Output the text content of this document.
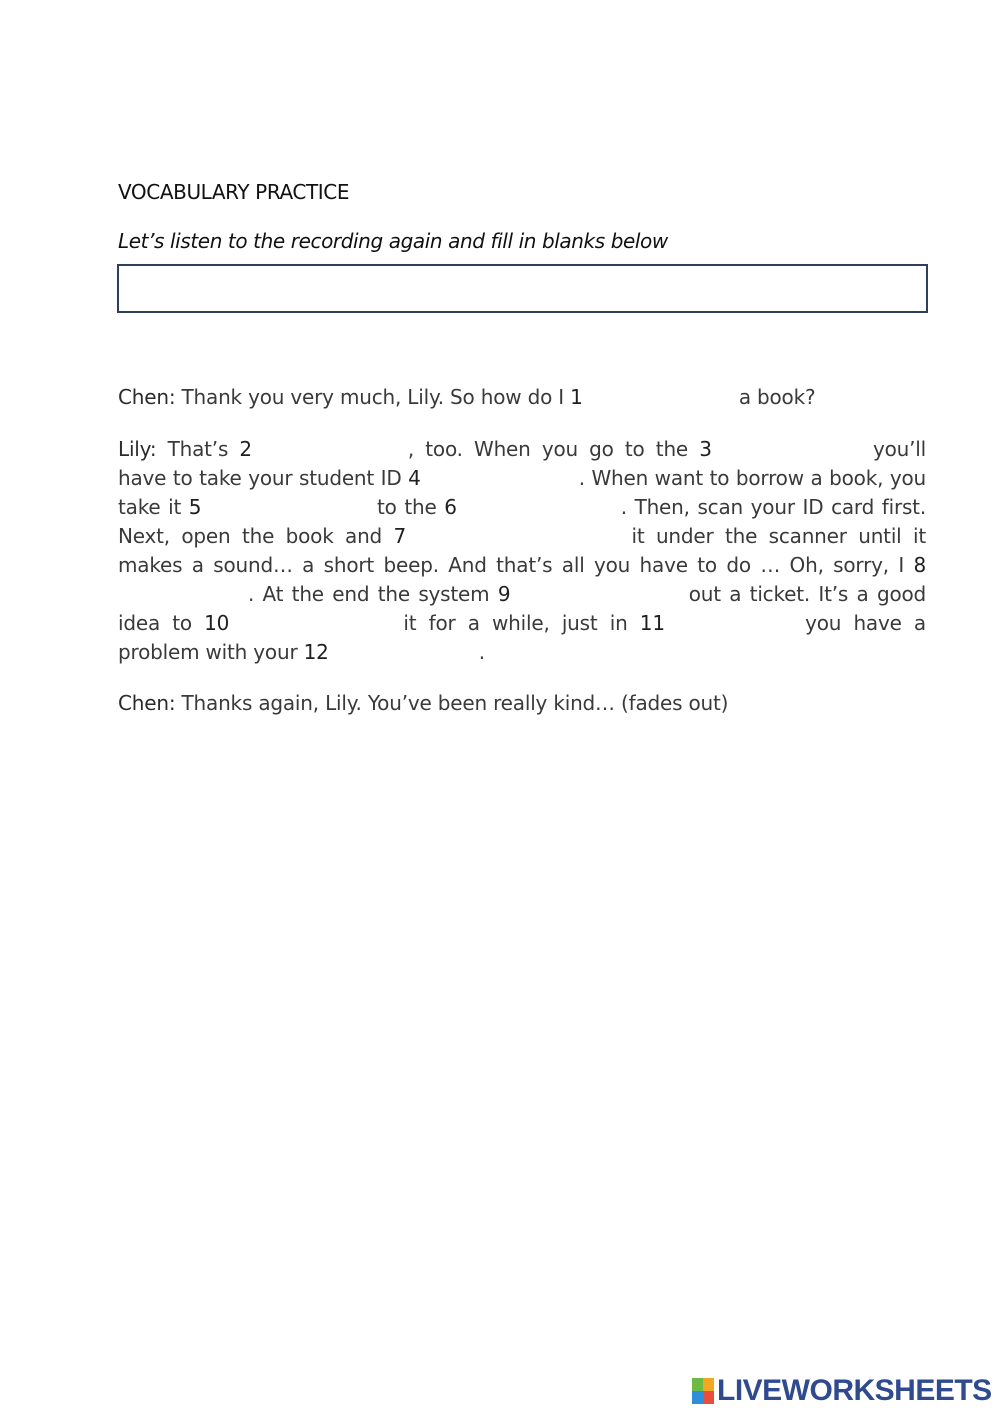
VOCABULARY PRACTICE
Let’s listen to the recording again and fill in blanks below

Chen: Thank you very much, Lily. So how do I 1	a book?

Lily: That’s 2	, too. When you go to the 3	you’ll have to take your student ID 4	. When want to borrow a book, you take it 5	to the 6	. Then, scan your ID card first. Next, open the book and 7	it under the scanner until it makes a sound… a short beep. And that’s all you have to do … Oh, sorry, I 8. At the end the system 9	out a ticket. It’s a good idea to 10	it for a while, just in 11	you have a problem with your 12	.

Chen: Thanks again, Lily. You’ve been really kind… (fades out)

LIVEWORKSHEETS
